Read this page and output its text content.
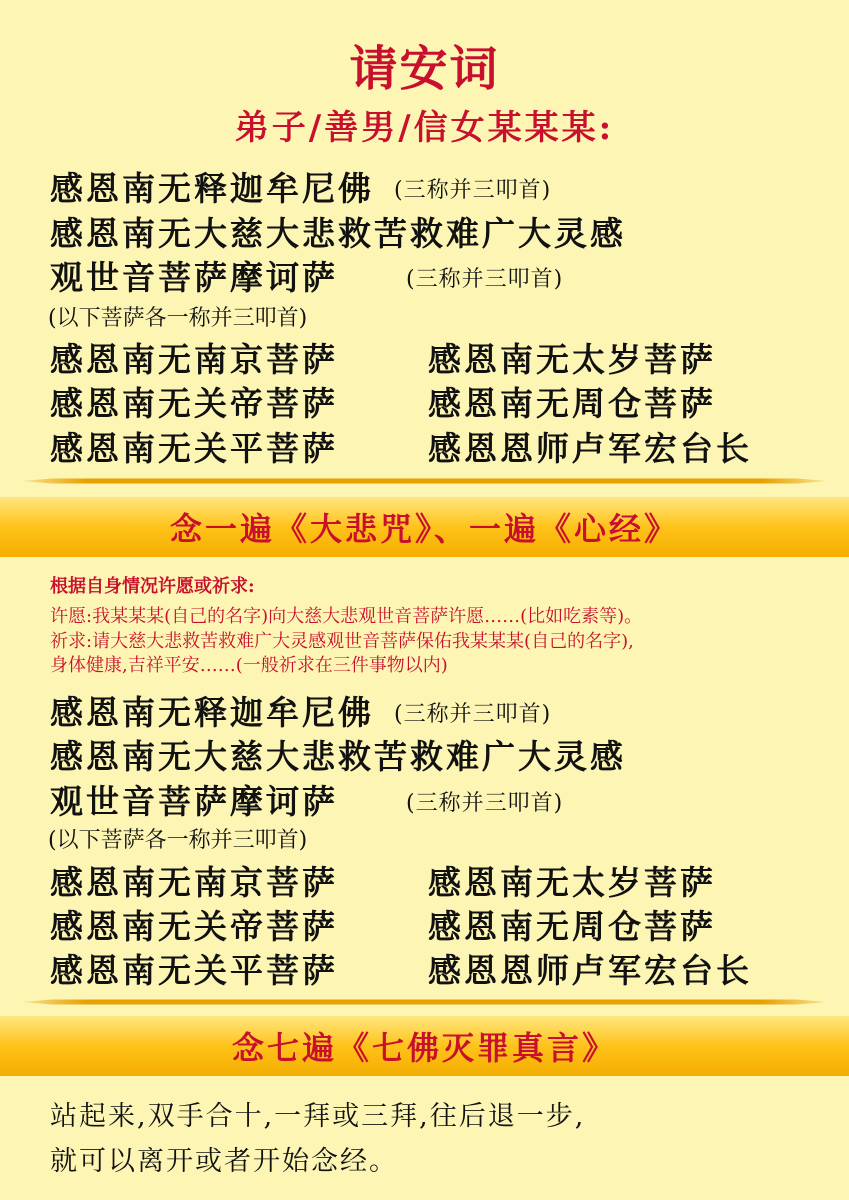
请安词
弟子/善男/信女某某某:
感恩南无释迦牟尼佛 (三称并三叩首)
感恩南无大慈大悲救苦救难广大灵感
观世音菩萨摩诃萨	(三称并三叩首)
(以下菩萨各一称并三叩首)
感恩南无南京菩萨
感恩南无关帝菩萨
感恩南无关平菩萨
感恩南无太岁菩萨
感恩南无周仓菩萨
感恩恩师卢军宏台长
念一遍《大悲咒》、一遍《心经》
根据自身情况许愿或祈求:
许愿:我某某某(自己的名字)向大慈大悲观世音菩萨许愿……(比如吃素等)。
祈求:请大慈大悲救苦救难广大灵感观世音菩萨保佑我某某某(自己的名字),
身体健康,吉祥平安……(一般祈求在三件事物以内)
感恩南无释迦牟尼佛 (三称并三叩首)
感恩南无大慈大悲救苦救难广大灵感
观世音菩萨摩诃萨	(三称并三叩首)
(以下菩萨各一称并三叩首)
感恩南无南京菩萨
感恩南无关帝菩萨
感恩南无关平菩萨
感恩南无太岁菩萨
感恩南无周仓菩萨
感恩恩师卢军宏台长
念七遍《七佛灭罪真言》
站起来,双手合十,一拜或三拜,往后退一步,
就可以离开或者开始念经。
